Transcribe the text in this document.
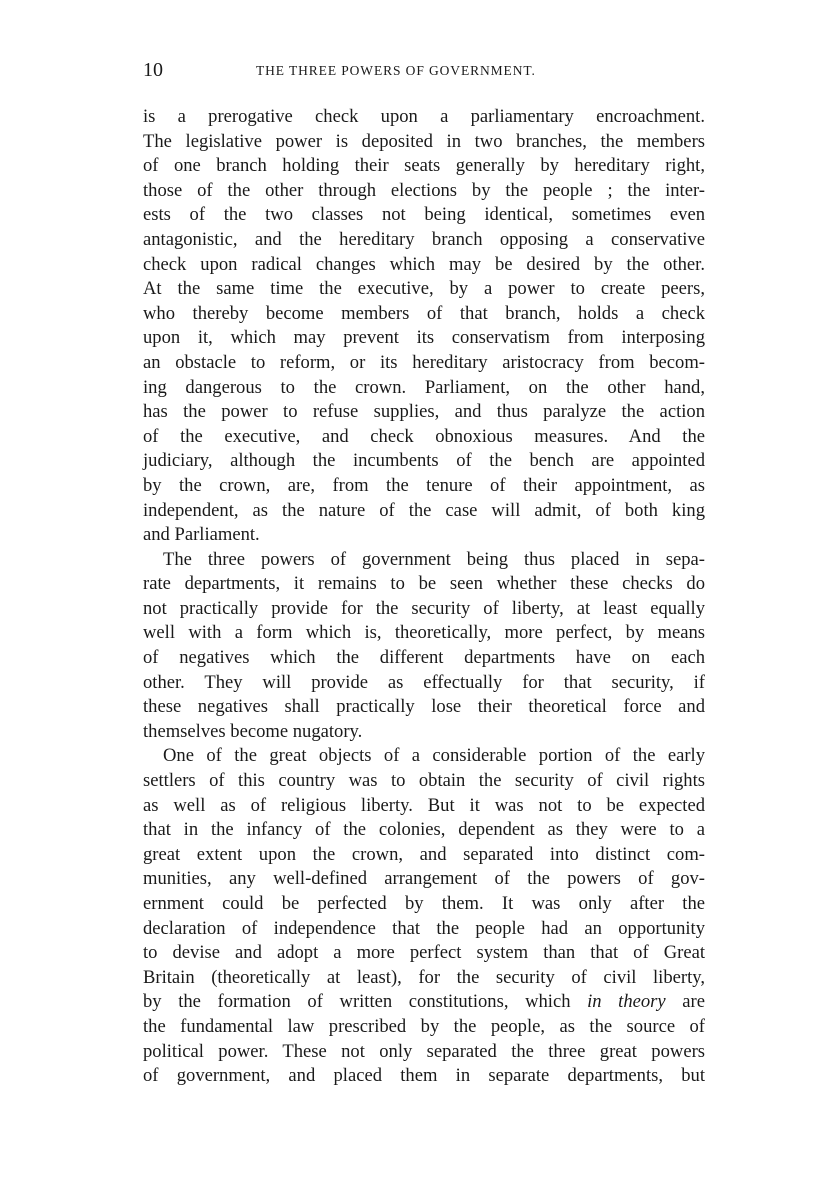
10	THE THREE POWERS OF GOVERNMENT.
is a prerogative check upon a parliamentary encroachment.
The legislative power is deposited in two branches, the members
of one branch holding their seats generally by hereditary right,
those of the other through elections by the people ; the inter-
ests of the two classes not being identical, sometimes even
antagonistic, and the hereditary branch opposing a conservative
check upon radical changes which may be desired by the other.
At the same time the executive, by a power to create peers,
who thereby become members of that branch, holds a check
upon it, which may prevent its conservatism from interposing
an obstacle to reform, or its hereditary aristocracy from becom-
ing dangerous to the crown. Parliament, on the other hand,
has the power to refuse supplies, and thus paralyze the action
of the executive, and check obnoxious measures. And the
judiciary, although the incumbents of the bench are appointed
by the crown, are, from the tenure of their appointment, as
independent, as the nature of the case will admit, of both king
and Parliament.
The three powers of government being thus placed in sepa-
rate departments, it remains to be seen whether these checks do
not practically provide for the security of liberty, at least equally
well with a form which is, theoretically, more perfect, by means
of negatives which the different departments have on each
other. They will provide as effectually for that security, if
these negatives shall practically lose their theoretical force and
themselves become nugatory.
One of the great objects of a considerable portion of the early
settlers of this country was to obtain the security of civil rights
as well as of religious liberty. But it was not to be expected
that in the infancy of the colonies, dependent as they were to a
great extent upon the crown, and separated into distinct com-
munities, any well-defined arrangement of the powers of gov-
ernment could be perfected by them. It was only after the
declaration of independence that the people had an opportunity
to devise and adopt a more perfect system than that of Great
Britain (theoretically at least), for the security of civil liberty,
by the formation of written constitutions, which in theory are
the fundamental law prescribed by the people, as the source of
political power. These not only separated the three great powers
of government, and placed them in separate departments, but
